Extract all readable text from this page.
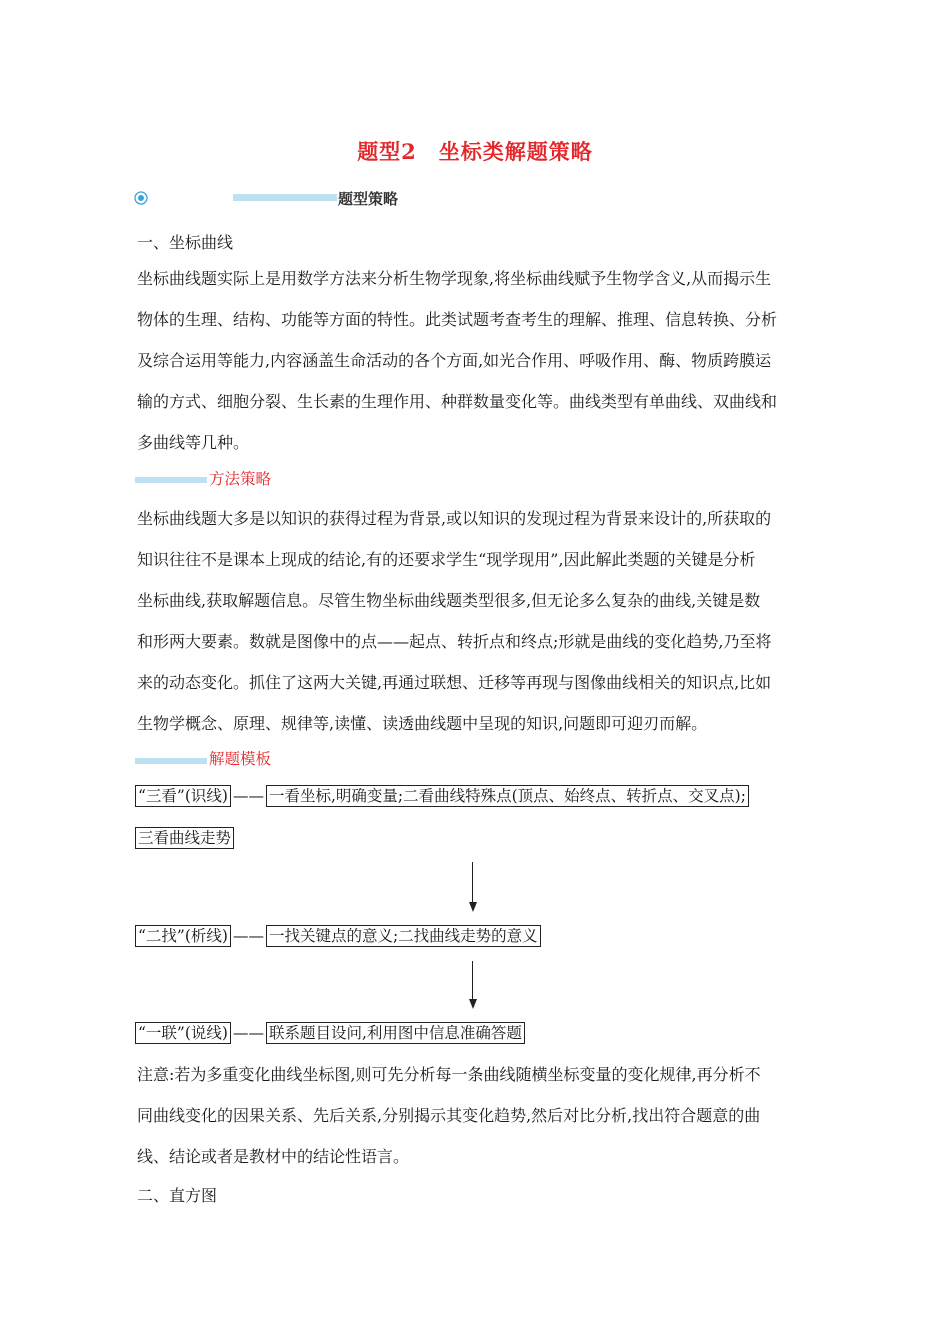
题型2　坐标类解题策略
题型策略
一、坐标曲线
坐标曲线题实际上是用数学方法来分析生物学现象,将坐标曲线赋予生物学含义,从而揭示生
物体的生理、结构、功能等方面的特性。此类试题考查考生的理解、推理、信息转换、分析
及综合运用等能力,内容涵盖生命活动的各个方面,如光合作用、呼吸作用、酶、物质跨膜运
输的方式、细胞分裂、生长素的生理作用、种群数量变化等。曲线类型有单曲线、双曲线和
多曲线等几种。
方法策略
坐标曲线题大多是以知识的获得过程为背景,或以知识的发现过程为背景来设计的,所获取的
知识往往不是课本上现成的结论,有的还要求学生“现学现用”,因此解此类题的关键是分析
坐标曲线,获取解题信息。尽管生物坐标曲线题类型很多,但无论多么复杂的曲线,关键是数
和形两大要素。数就是图像中的点——起点、转折点和终点;形就是曲线的变化趋势,乃至将
来的动态变化。抓住了这两大关键,再通过联想、迁移等再现与图像曲线相关的知识点,比如
生物学概念、原理、规律等,读懂、读透曲线题中呈现的知识,问题即可迎刃而解。
解题模板
“三看”(识线) —— 一看坐标,明确变量;二看曲线特殊点(顶点、始终点、转折点、交叉点);
三看曲线走势
“二找”(析线) —— 一找关键点的意义;二找曲线走势的意义
“一联”(说线) —— 联系题目设问,利用图中信息准确答题
注意:若为多重变化曲线坐标图,则可先分析每一条曲线随横坐标变量的变化规律,再分析不
同曲线变化的因果关系、先后关系,分别揭示其变化趋势,然后对比分析,找出符合题意的曲
线、结论或者是教材中的结论性语言。
二、直方图
